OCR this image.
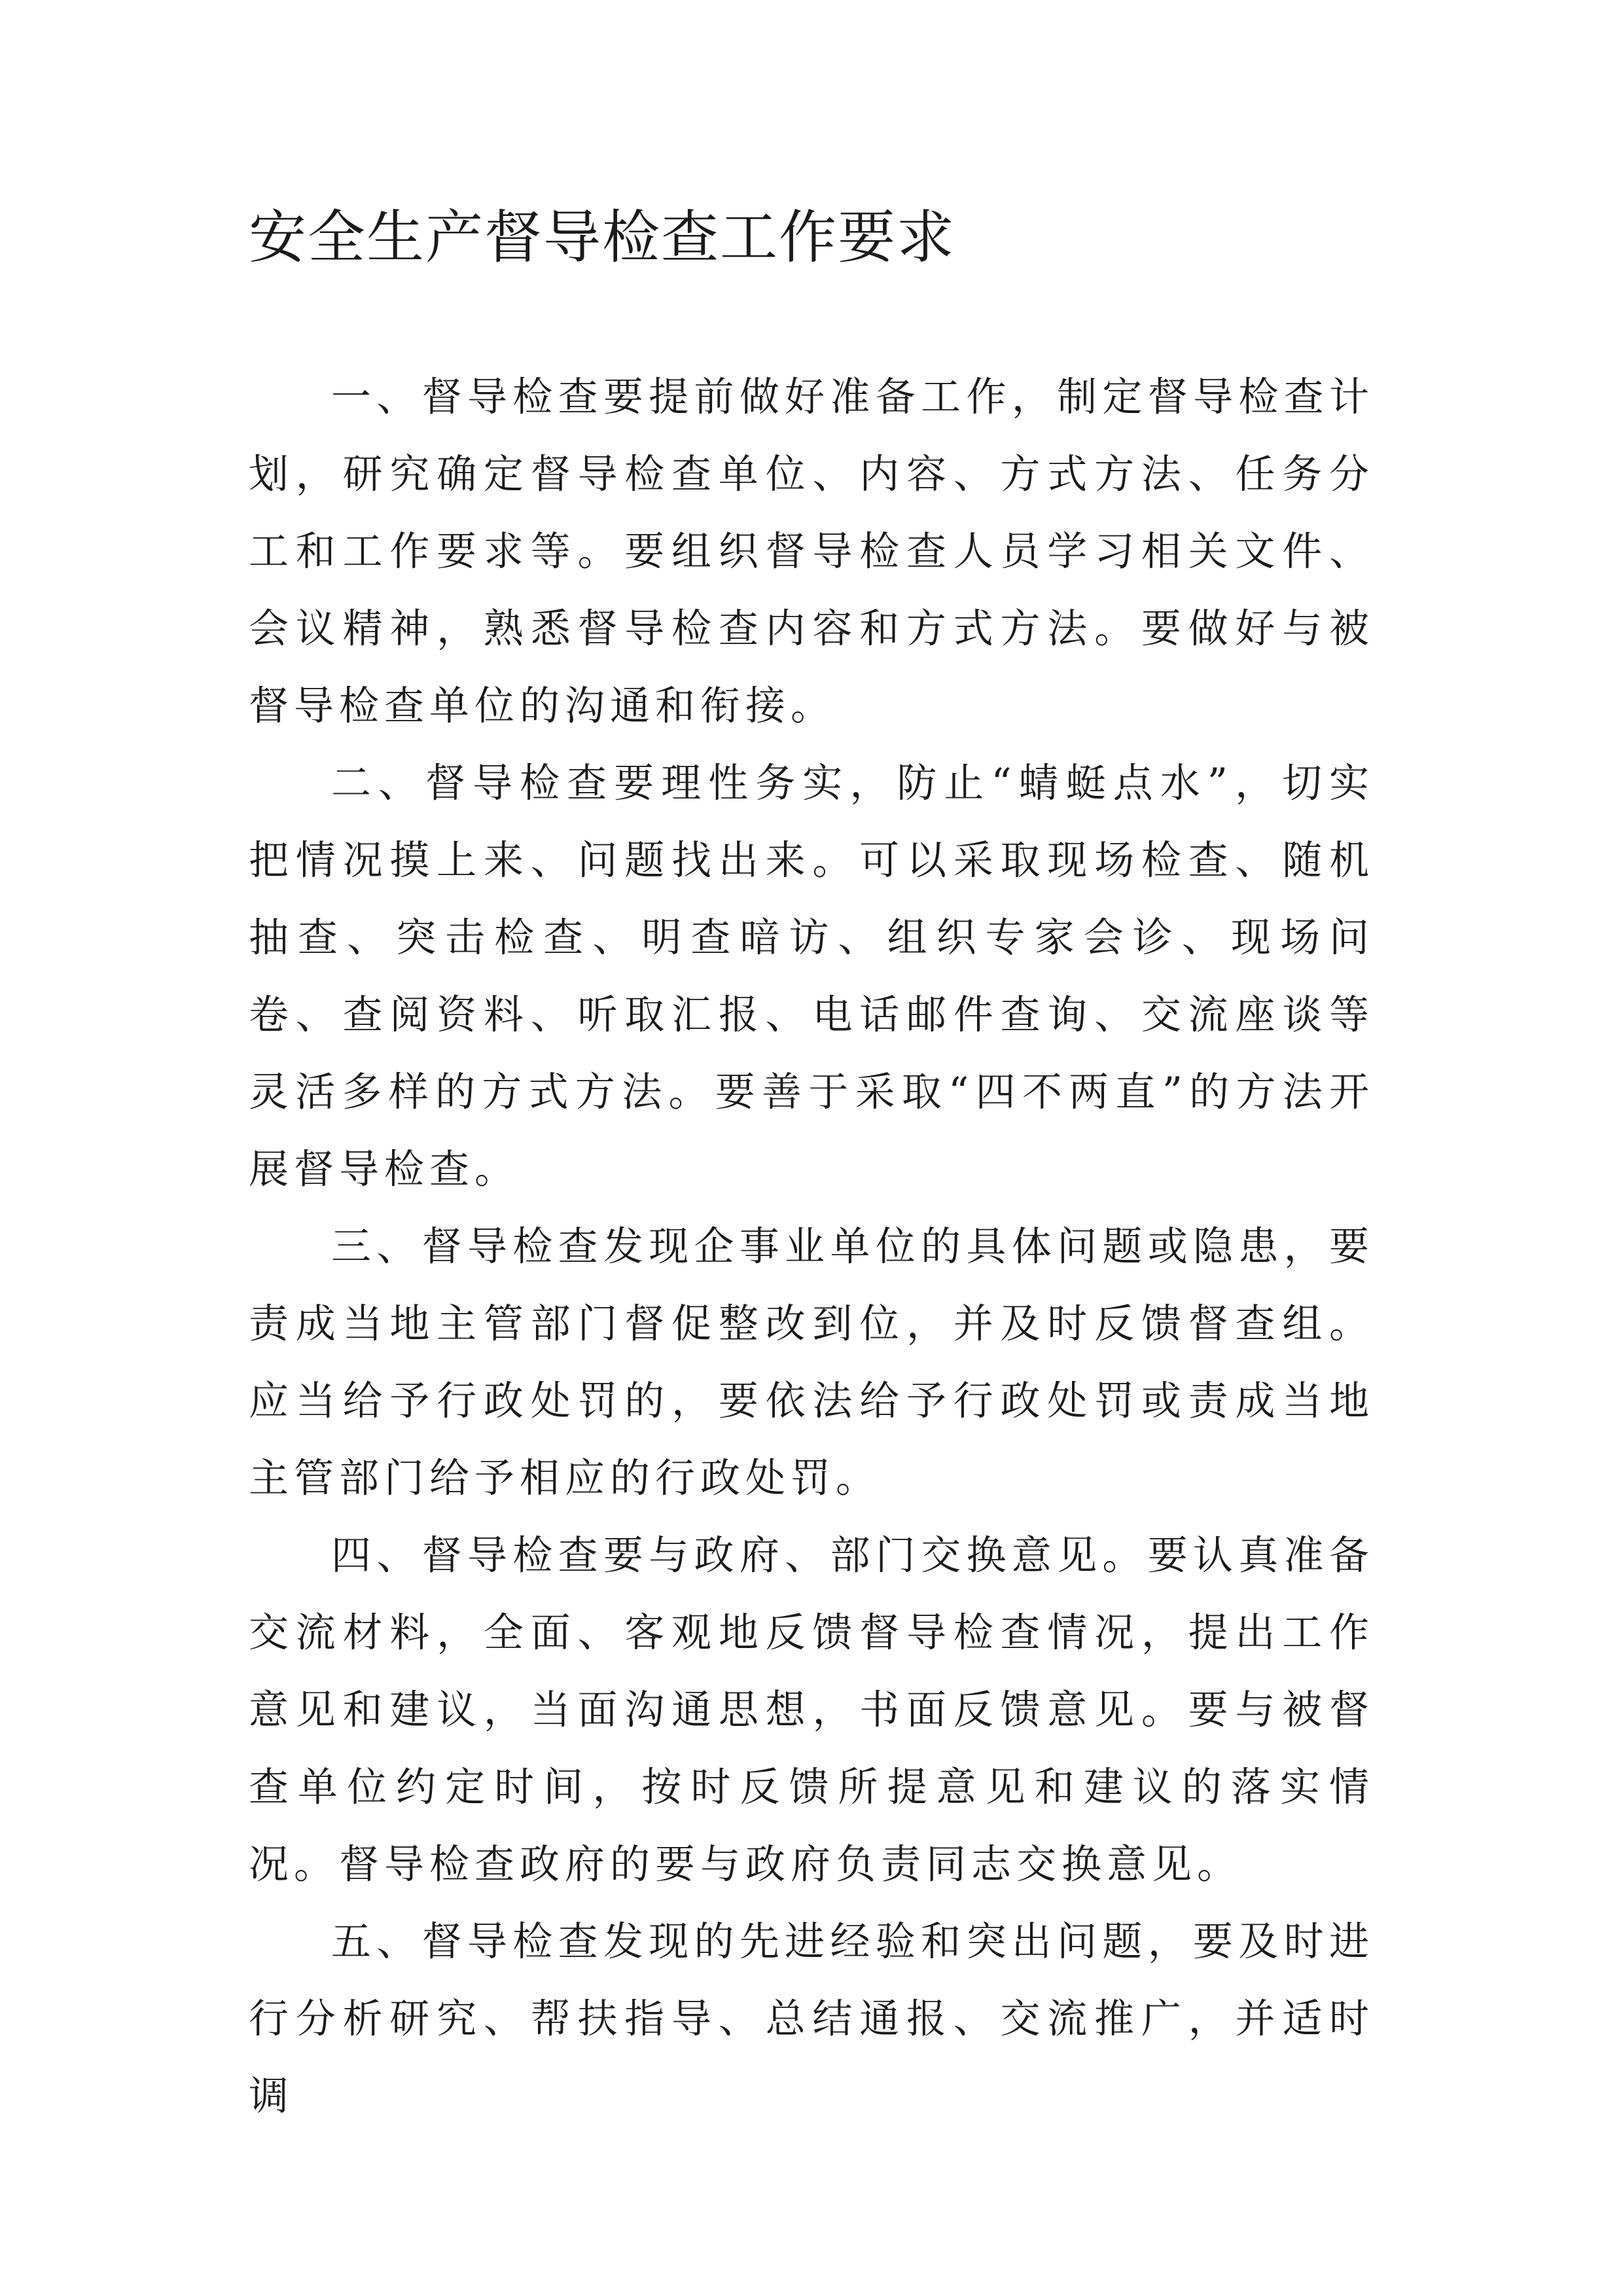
安全生产督导检查工作要求

一、督导检查要提前做好准备工作，制定督导检查计划，研究确定督导检查单位、内容、方式方法、任务分工和工作要求等。要组织督导检查人员学习相关文件、会议精神，熟悉督导检查内容和方式方法。要做好与被督导检查单位的沟通和衔接。

二、督导检查要理性务实，防止“蜻蜓点水”，切实把情况摸上来、问题找出来。可以采取现场检查、随机抽查、突击检查、明查暗访、组织专家会诊、现场问卷、查阅资料、听取汇报、电话邮件查询、交流座谈等灵活多样的方式方法。要善于采取“四不两直”的方法开展督导检查。

三、督导检查发现企事业单位的具体问题或隐患，要责成当地主管部门督促整改到位，并及时反馈督查组。应当给予行政处罚的，要依法给予行政处罚或责成当地主管部门给予相应的行政处罚。

四、督导检查要与政府、部门交换意见。要认真准备交流材料，全面、客观地反馈督导检查情况，提出工作意见和建议，当面沟通思想，书面反馈意见。要与被督查单位约定时间，按时反馈所提意见和建议的落实情况。督导检查政府的要与政府负责同志交换意见。

五、督导检查发现的先进经验和突出问题，要及时进行分析研究、帮扶指导、总结通报、交流推广，并适时调
